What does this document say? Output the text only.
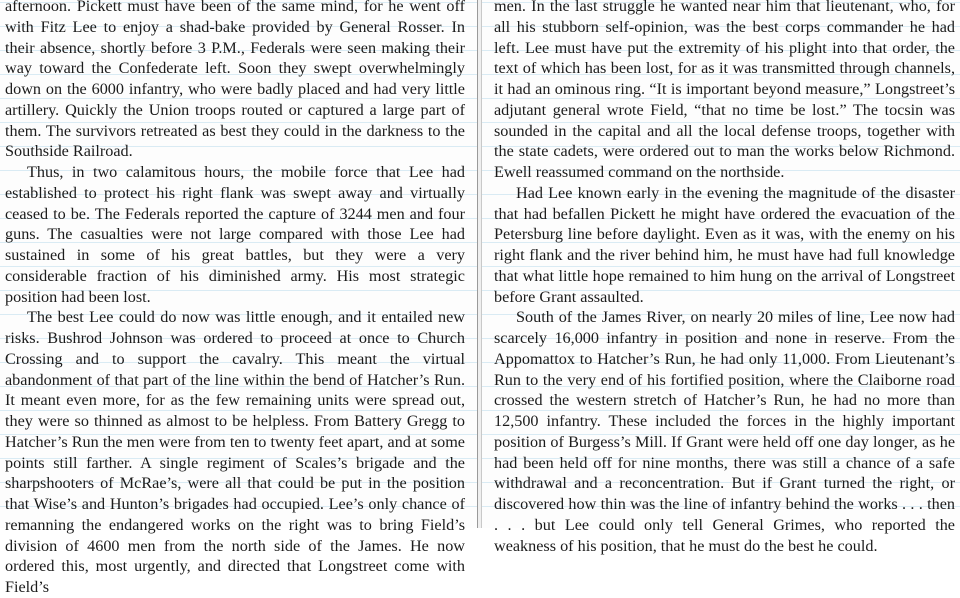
afternoon. Pickett must have been of the same mind, for he went off with Fitz Lee to enjoy a shad-bake provided by General Rosser. In their absence, shortly before 3 P.M., Federals were seen making their way toward the Confederate left. Soon they swept overwhelmingly down on the 6000 infantry, who were badly placed and had very little artillery. Quickly the Union troops routed or captured a large part of them. The survivors retreated as best they could in the darkness to the Southside Railroad.

Thus, in two calamitous hours, the mobile force that Lee had established to protect his right flank was swept away and virtually ceased to be. The Federals reported the capture of 3244 men and four guns. The casualties were not large compared with those Lee had sustained in some of his great battles, but they were a very considerable fraction of his diminished army. His most strategic position had been lost.

The best Lee could do now was little enough, and it entailed new risks. Bushrod Johnson was ordered to proceed at once to Church Crossing and to support the cavalry. This meant the virtual abandonment of that part of the line within the bend of Hatcher’s Run. It meant even more, for as the few remaining units were spread out, they were so thinned as almost to be helpless. From Battery Gregg to Hatcher’s Run the men were from ten to twenty feet apart, and at some points still farther. A single regiment of Scales’s brigade and the sharpshooters of McRae’s, were all that could be put in the position that Wise’s and Hunton’s brigades had occupied. Lee’s only chance of remanning the endangered works on the right was to bring Field’s division of 4600 men from the north side of the James. He now ordered this, most urgently, and directed that Longstreet come with Field’s

men. In the last struggle he wanted near him that lieutenant, who, for all his stubborn self-opinion, was the best corps commander he had left. Lee must have put the extremity of his plight into that order, the text of which has been lost, for as it was transmitted through channels, it had an ominous ring. “It is important beyond measure,” Longstreet’s adjutant general wrote Field, “that no time be lost.” The tocsin was sounded in the capital and all the local defense troops, together with the state cadets, were ordered out to man the works below Richmond. Ewell reassumed command on the northside.

Had Lee known early in the evening the magnitude of the disaster that had befallen Pickett he might have ordered the evacuation of the Petersburg line before daylight. Even as it was, with the enemy on his right flank and the river behind him, he must have had full knowledge that what little hope remained to him hung on the arrival of Longstreet before Grant assaulted.

South of the James River, on nearly 20 miles of line, Lee now had scarcely 16,000 infantry in position and none in reserve. From the Appomattox to Hatcher’s Run, he had only 11,000. From Lieutenant’s Run to the very end of his fortified position, where the Claiborne road crossed the western stretch of Hatcher’s Run, he had no more than 12,500 infantry. These included the forces in the highly important position of Burgess’s Mill. If Grant were held off one day longer, as he had been held off for nine months, there was still a chance of a safe withdrawal and a reconcentration. But if Grant turned the right, or discovered how thin was the line of infantry behind the works . . . then . . . but Lee could only tell General Grimes, who reported the weakness of his position, that he must do the best he could.
